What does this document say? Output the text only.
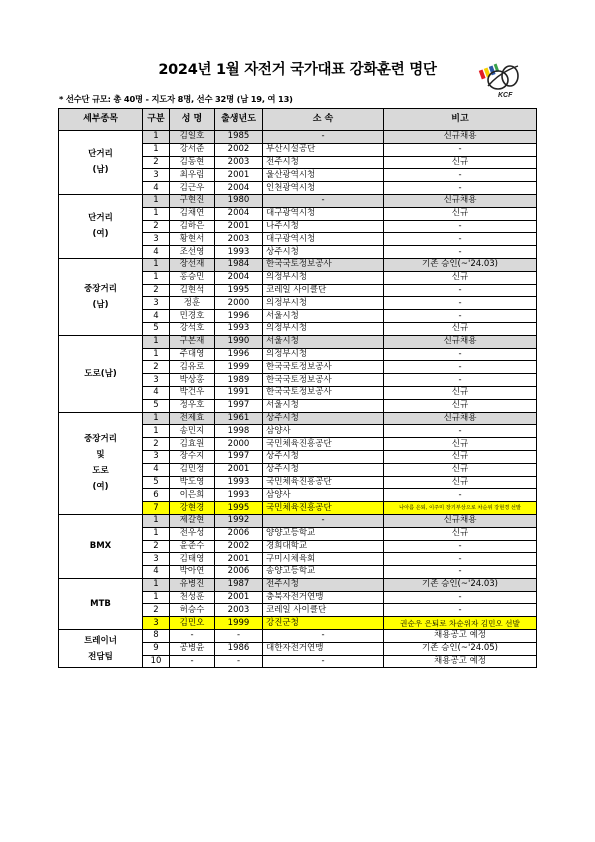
2024년 1월 자전거 국가대표 강화훈련 명단
KCF
* 선수단 규모: 총 40명 - 지도자 8명, 선수 32명 (남 19, 여 13)
세부종목	구분	성 명	출생년도	소 속	비고

단거리
(남)	1	김일호	1985	-	신규채용
	1	강서준	2002	부산시설공단	-
	2	김동현	2003	전주시청	신규
	3	최우림	2001	울산광역시청	-
	4	김근우	2004	인천광역시청	-

단거리
(여)	1	구현진	1980	-	신규채용
	1	김채연	2004	대구광역시청	신규
	2	김하은	2001	나주시청	-
	3	황현서	2003	대구광역시청	-
	4	조선영	1993	상주시청	-

중장거리
(남)	1	장선재	1984	한국국토정보공사	기존 승인(~'24.03)
	1	홍승민	2004	의정부시청	신규
	2	김현석	1995	코레일 사이클단	-
	3	정훈	2000	의정부시청	-
	4	민경호	1996	서울시청	-
	5	강석호	1993	의정부시청	신규

도로(남)	1	구본재	1990	서울시청	신규채용
	1	주대영	1996	의정부시청	-
	2	김유로	1999	한국국토정보공사	-
	3	박상홍	1989	한국국토정보공사	-
	4	박건우	1991	한국국토정보공사	신규
	5	정우호	1997	서울시청	신규

중장거리
및
도로
(여)	1	전제효	1961	상주시청	신규채용
	1	송민지	1998	삼양사	-
	2	김효원	2000	국민체육진흥공단	신규
	3	장수지	1997	상주시청	신규
	4	김민정	2001	상주시청	신규
	5	박도영	1993	국민체육진흥공단	신규
	6	이은희	1993	삼양사	-
	7	강현경	1995	국민체육진흥공단	나아름 은퇴, 이주미 장기부상으로 차순위 강현경 선발

BMX	1	제갈현	1992	-	신규채용
	1	전우성	2006	양양고등학교	신규
	2	윤준수	2002	경희대학교	-
	3	김태영	2001	구미시체육회	-
	4	박아연	2006	송양고등학교	-

MTB	1	유병진	1987	전주시청	기존 승인(~'24.03)
	1	천성훈	2001	충북자전거연맹	-
	2	허승수	2003	코레일 사이클단	-
	3	김민오	1999	강진군청	권순우 은퇴로 차순위자 김민오 선발

트레이너
전담팀	8	-	-	-	채용공고 예정
	9	공병윤	1986	대한자전거연맹	기존 승인(~'24.05)
	10	-	-	-	채용공고 예정
